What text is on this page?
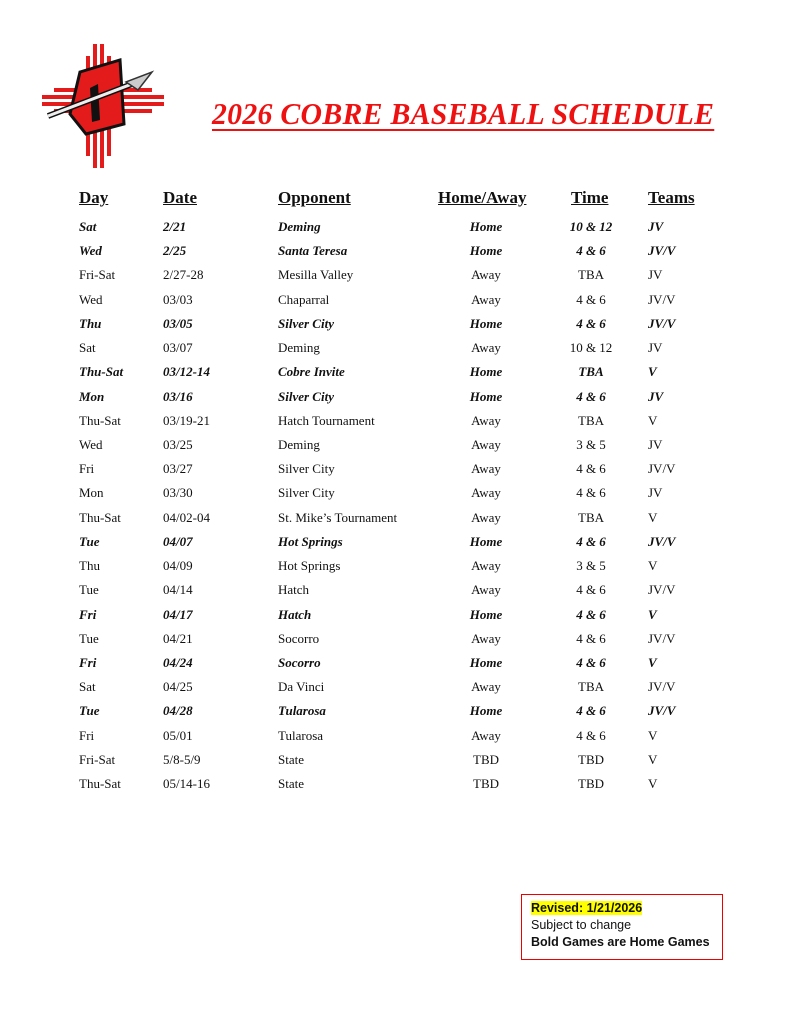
2026 COBRE BASEBALL SCHEDULE
Day	Date	Opponent	Home/Away	Time Teams
Sat	2/21	Deming	Home	10 & 12	JV
Wed	2/25	Santa Teresa	Home	4 & 6	JV/V
Fri-Sat	2/27-28	Mesilla Valley	Away	TBA	JV
Wed	03/03	Chaparral	Away	4 & 6	JV/V
Thu	03/05	Silver City	Home	4 & 6	JV/V
Sat	03/07	Deming	Away	10 & 12	JV
Thu-Sat	03/12-14	Cobre Invite	Home	TBA	V
Mon	03/16	Silver City	Home	4 & 6	JV
Thu-Sat	03/19-21	Hatch Tournament	Away	TBA	V
Wed	03/25	Deming	Away	3 & 5	JV
Fri	03/27	Silver City	Away	4 & 6	JV/V
Mon	03/30	Silver City	Away	4 & 6	JV
Thu-Sat	04/02-04	St. Mike’s Tournament	Away	TBA	V
Tue	04/07	Hot Springs	Home	4 & 6	JV/V
Thu	04/09	Hot Springs	Away	3 & 5	V
Tue	04/14	Hatch	Away	4 & 6	JV/V
Fri	04/17	Hatch	Home	4 & 6	V
Tue	04/21	Socorro	Away	4 & 6	JV/V
Fri	04/24	Socorro	Home	4 & 6	V
Sat	04/25	Da Vinci	Away	TBA	JV/V
Tue	04/28	Tularosa	Home	4 & 6	JV/V
Fri	05/01	Tularosa	Away	4 & 6	V
Fri-Sat	5/8-5/9	State	TBD	TBD	V
Thu-Sat	05/14-16	State	TBD	TBD	V
Revised: 1/21/2026
Subject to change
Bold Games are Home Games
